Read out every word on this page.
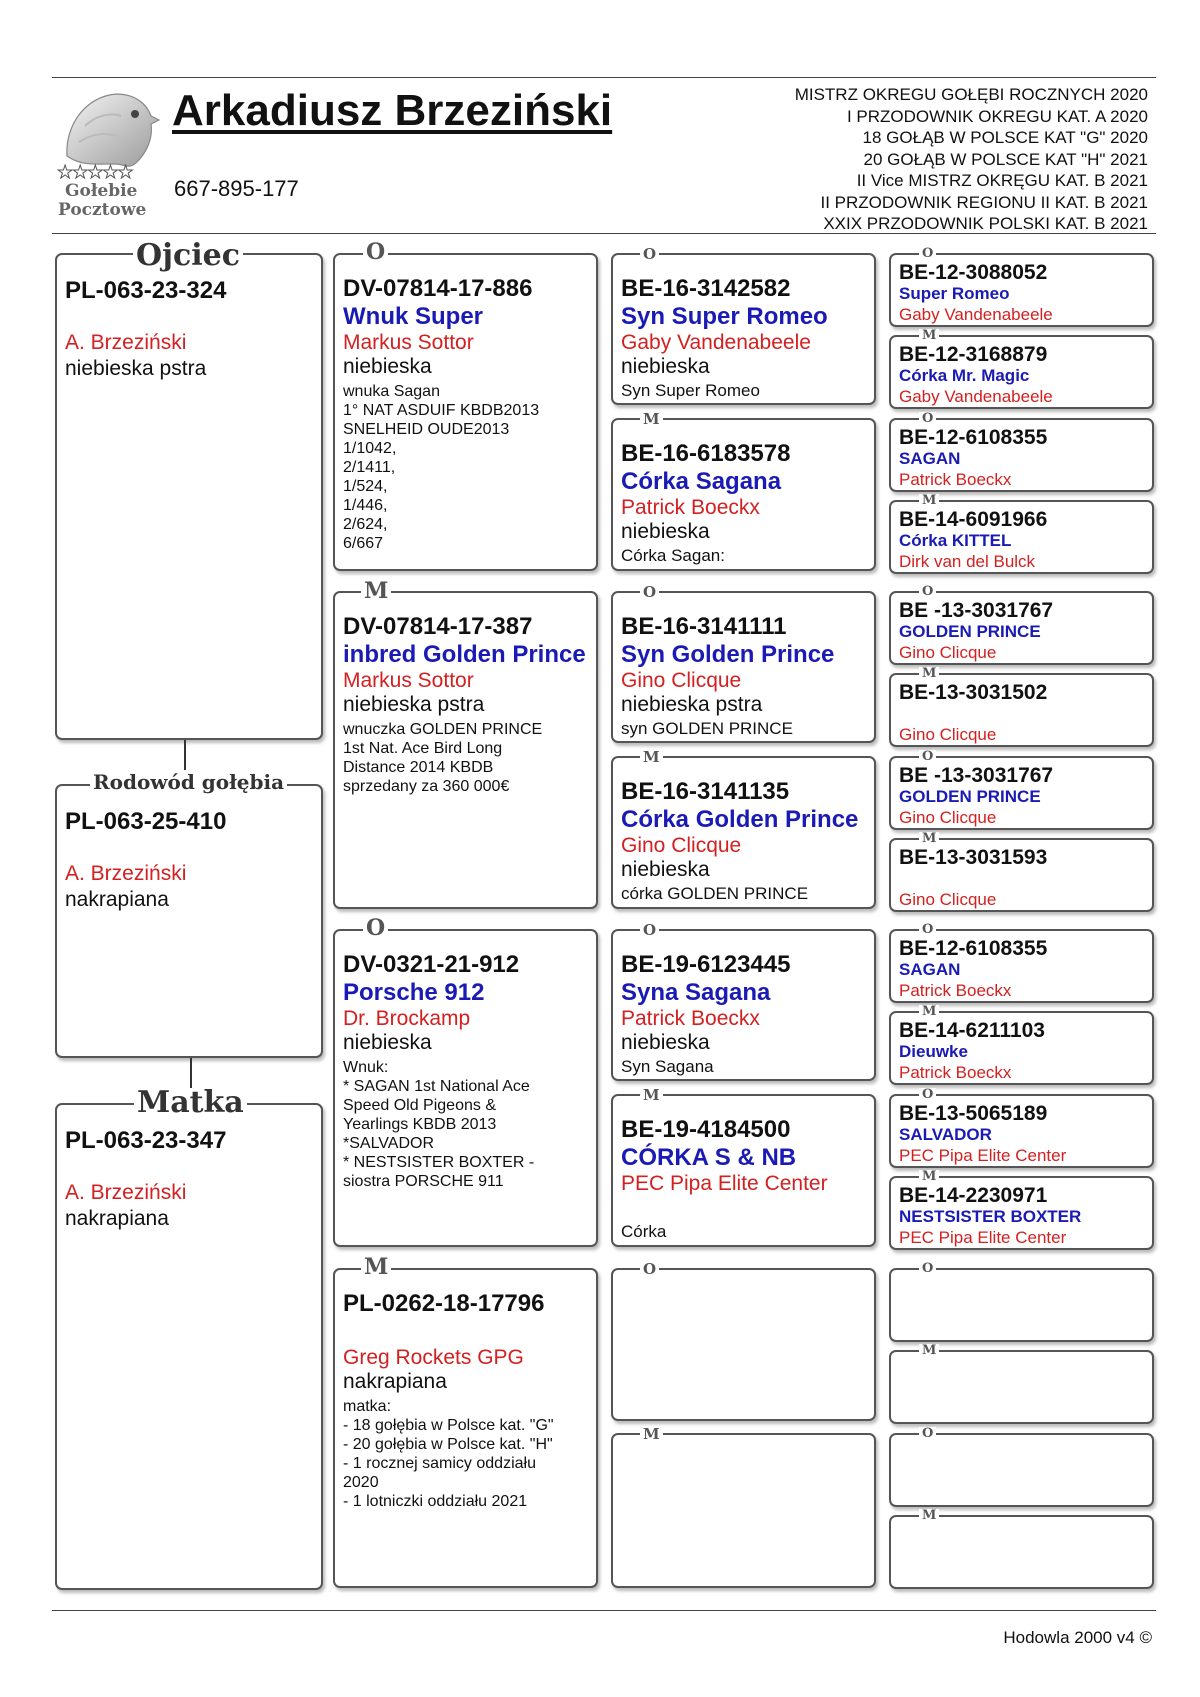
★★★★★
Gołebie
Pocztowe
Arkadiusz Brzeziński
667-895-177
MISTRZ OKREGU GOŁĘBI ROCZNYCH 2020
I PRZODOWNIK OKREGU KAT. A 2020
18 GOŁĄB W POLSCE KAT "G" 2020
20 GOŁĄB W POLSCE KAT "H" 2021
II Vice MISTRZ OKRĘGU KAT. B 2021
II PRZODOWNIK REGIONU II KAT. B 2021
XXIX PRZODOWNIK POLSKI KAT. B 2021
PL-063-23-324
A. Brzeziński
niebieska pstra
Ojciec
PL-063-25-410
A. Brzeziński
nakrapiana
Rodowód gołębia
PL-063-23-347
A. Brzeziński
nakrapiana
Matka
DV-07814-17-886
Wnuk Super
Markus Sottor
niebieska
wnuka Sagan
1° NAT ASDUIF KBDB2013
SNELHEID OUDE2013
1/1042,
2/1411,
1/524,
1/446,
2/624,
6/667
O
DV-07814-17-387
inbred Golden Prince
Markus Sottor
niebieska pstra
wnuczka GOLDEN PRINCE
1st Nat. Ace Bird Long
Distance 2014 KBDB
sprzedany za 360 000€
M
DV-0321-21-912
Porsche 912
Dr. Brockamp
niebieska
Wnuk:
* SAGAN 1st National Ace
Speed Old Pigeons &
Yearlings KBDB 2013
*SALVADOR
* NESTSISTER BOXTER -
siostra PORSCHE 911
O
PL-0262-18-17796
Greg Rockets GPG
nakrapiana
matka:
- 18 gołębia w Polsce kat. "G"
- 20 gołębia w Polsce kat. "H"
- 1 rocznej samicy oddziału
2020
- 1 lotniczki oddziału 2021
M
BE-16-3142582
Syn Super Romeo
Gaby Vandenabeele
niebieska
Syn Super Romeo
O
BE-16-6183578
Córka Sagana
Patrick Boeckx
niebieska
Córka Sagan:
M
BE-16-3141111
Syn Golden Prince
Gino Clicque
niebieska pstra
syn GOLDEN PRINCE
O
BE-16-3141135
Córka Golden Prince
Gino Clicque
niebieska
córka GOLDEN PRINCE
M
BE-19-6123445
Syna Sagana
Patrick Boeckx
niebieska
Syn Sagana
O
BE-19-4184500
CÓRKA S & NB
PEC Pipa Elite Center
Córka
M
O
M
BE-12-3088052
Super Romeo
Gaby Vandenabeele
O
BE-12-3168879
Córka Mr. Magic
Gaby Vandenabeele
M
BE-12-6108355
SAGAN
Patrick Boeckx
O
BE-14-6091966
Córka KITTEL
Dirk van del Bulck
M
BE -13-3031767
GOLDEN PRINCE
Gino Clicque
O
BE-13-3031502
Gino Clicque
M
BE -13-3031767
GOLDEN PRINCE
Gino Clicque
O
BE-13-3031593
Gino Clicque
M
BE-12-6108355
SAGAN
Patrick Boeckx
O
BE-14-6211103
Dieuwke
Patrick Boeckx
M
BE-13-5065189
SALVADOR
PEC Pipa Elite Center
O
BE-14-2230971
NESTSISTER BOXTER
PEC Pipa Elite Center
M
O
M
O
M
Hodowla 2000 v4 ©
